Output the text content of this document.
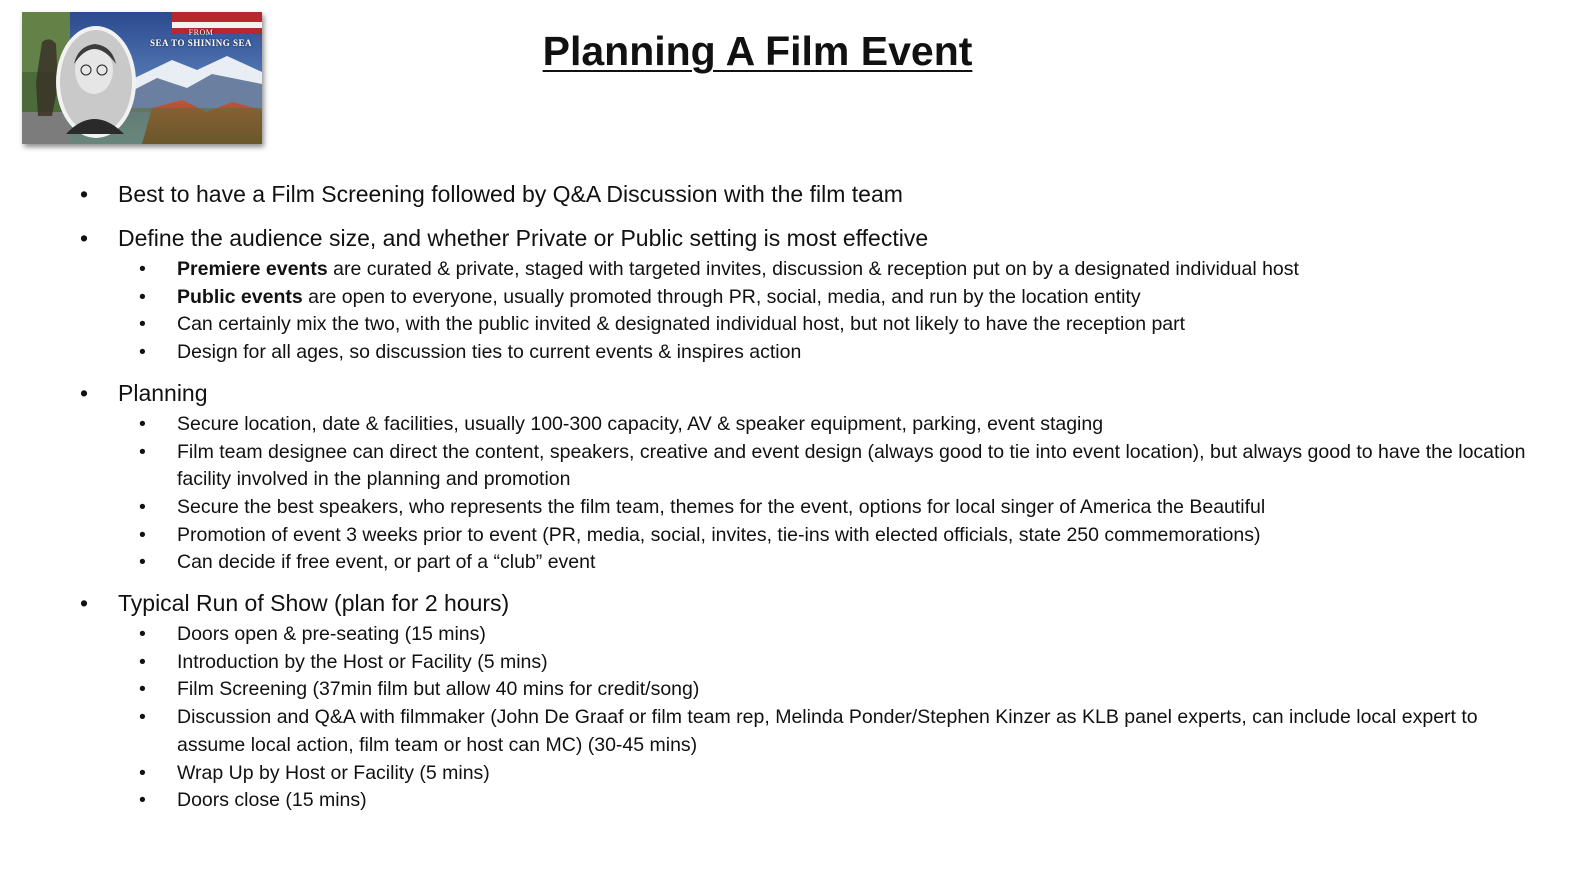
FROM
SEA TO SHINING SEA	Planning A Film Event
• Best to have a Film Screening followed by Q&A Discussion with the film team
• Define the audience size, and whether Private or Public setting is most effective
• Premiere events are curated & private, staged with targeted invites, discussion & reception put on by a designated individual host
• Public events are open to everyone, usually promoted through PR, social, media, and run by the location entity
• Can certainly mix the two, with the public invited & designated individual host, but not likely to have the reception part
• Design for all ages, so discussion ties to current events & inspires action
• Planning
• Secure location, date & facilities, usually 100-300 capacity, AV & speaker equipment, parking, event staging
• Film team designee can direct the content, speakers, creative and event design (always good to tie into event location), but always good to have the location facility involved in the planning and promotion
• Secure the best speakers, who represents the film team, themes for the event, options for local singer of America the Beautiful
• Promotion of event 3 weeks prior to event (PR, media, social, invites, tie-ins with elected officials, state 250 commemorations)
• Can decide if free event, or part of a “club” event
• Typical Run of Show (plan for 2 hours)
• Doors open & pre-seating (15 mins)
• Introduction by the Host or Facility (5 mins)
• Film Screening (37min film but allow 40 mins for credit/song)
• Discussion and Q&A with filmmaker (John De Graaf or film team rep, Melinda Ponder/Stephen Kinzer as KLB panel experts, can include local expert to assume local action, film team or host can MC) (30-45 mins)
• Wrap Up by Host or Facility (5 mins)
• Doors close (15 mins)
